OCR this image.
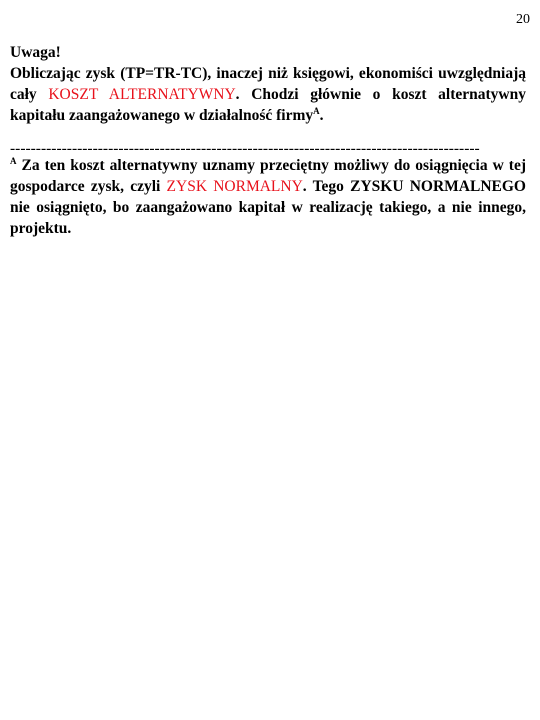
20

Uwaga!

Obliczając zysk (TP=TR-TC), inaczej niż księgowi, ekonomiści uwzględniają cały KOSZT ALTERNATYWNY. Chodzi głównie o koszt alternatywny kapitału zaangażowanego w działalność firmy$^A$.

-------------------------------------------------------------------------------------------

$^A$ Za ten koszt alternatywny uznamy przeciętny możliwy do osiągnięcia w tej gospodarce zysk, czyli ZYSK NORMALNY. Tego ZYSKU NORMALNEGO nie osiągnięto, bo zaangażowano kapitał w realizację takiego, a nie innego, projektu.
